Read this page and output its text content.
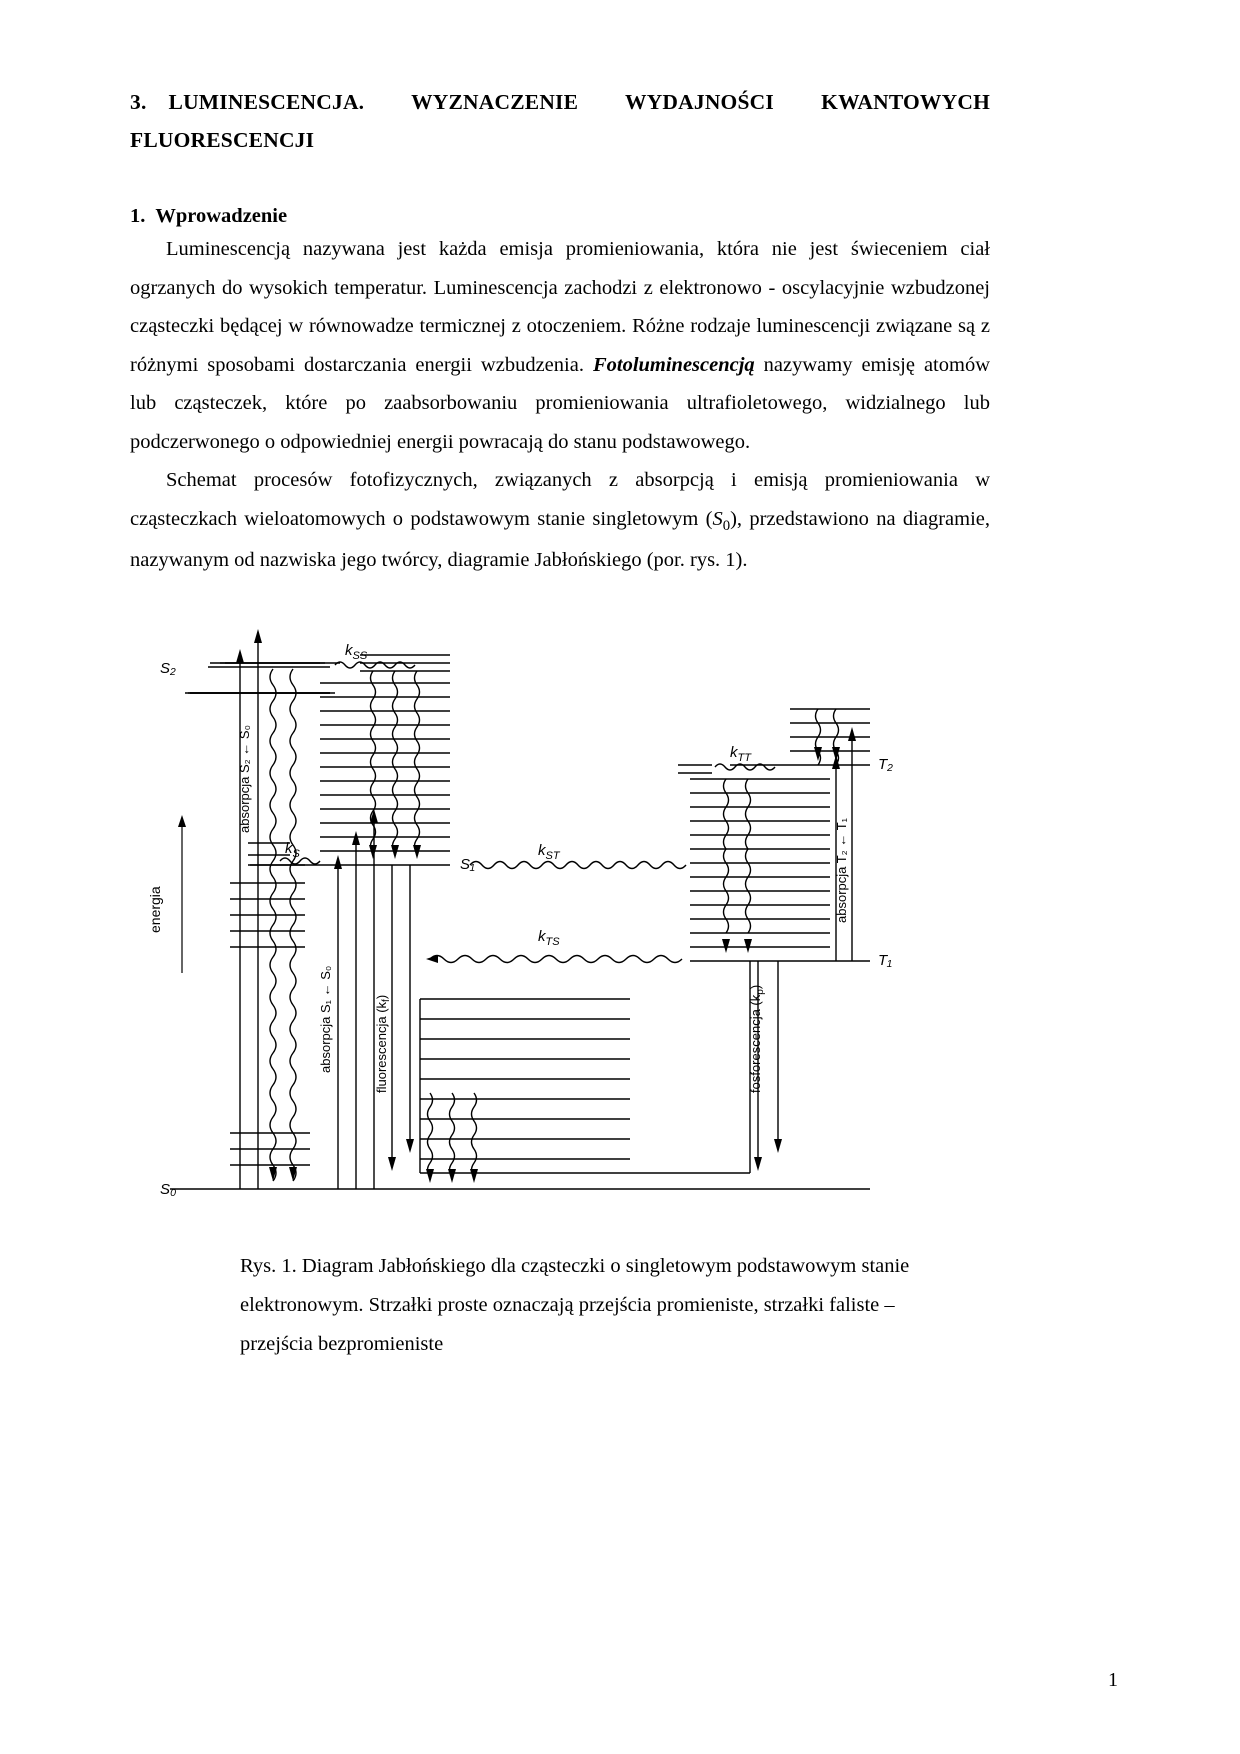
3. LUMINESCENCJA. WYZNACZENIE WYDAJNOŚCI KWANTOWYCH FLUORESCENCJI
1. Wprowadzenie

Luminescencją nazywana jest każda emisja promieniowania, która nie jest świeceniem ciał ogrzanych do wysokich temperatur. Luminescencja zachodzi z elektronowo - oscylacyjnie wzbudzonej cząsteczki będącej w równowadze termicznej z otoczeniem. Różne rodzaje luminescencji związane są z różnymi sposobami dostarczania energii wzbudzenia. Fotoluminescencją nazywamy emisję atomów lub cząsteczek, które po zaabsorbowaniu promieniowania ultrafioletowego, widzialnego lub podczerwonego o odpowiedniej energii powracają do stanu podstawowego.

Schemat procesów fotofizycznych, związanych z absorpcją i emisją promieniowania w cząsteczkach wieloatomowych o podstawowym stanie singletowym $(S_0)$, przedstawiono na diagramie, nazywanym od nazwiska jego twórcy, diagramie Jabłońskiego (por. rys. 1).

S₂
S₁
S₀
T₂
T₁
$k_{SS}$
$k_S$	$k_{ST}$
$k_{TT}$
$k_{TS}$
energia
absorpcja S₂ ← S₀
absorpcja S₁ ← S₀	fluorescencja $(k_f)$
absorpcja T₂ ← T₁
fosforescencja $(k_p)$
Rys. 1. Diagram Jabłońskiego dla cząsteczki o singletowym podstawowym stanie elektronowym. Strzałki proste oznaczają przejścia promieniste, strzałki faliste – przejścia bezpromieniste
1
